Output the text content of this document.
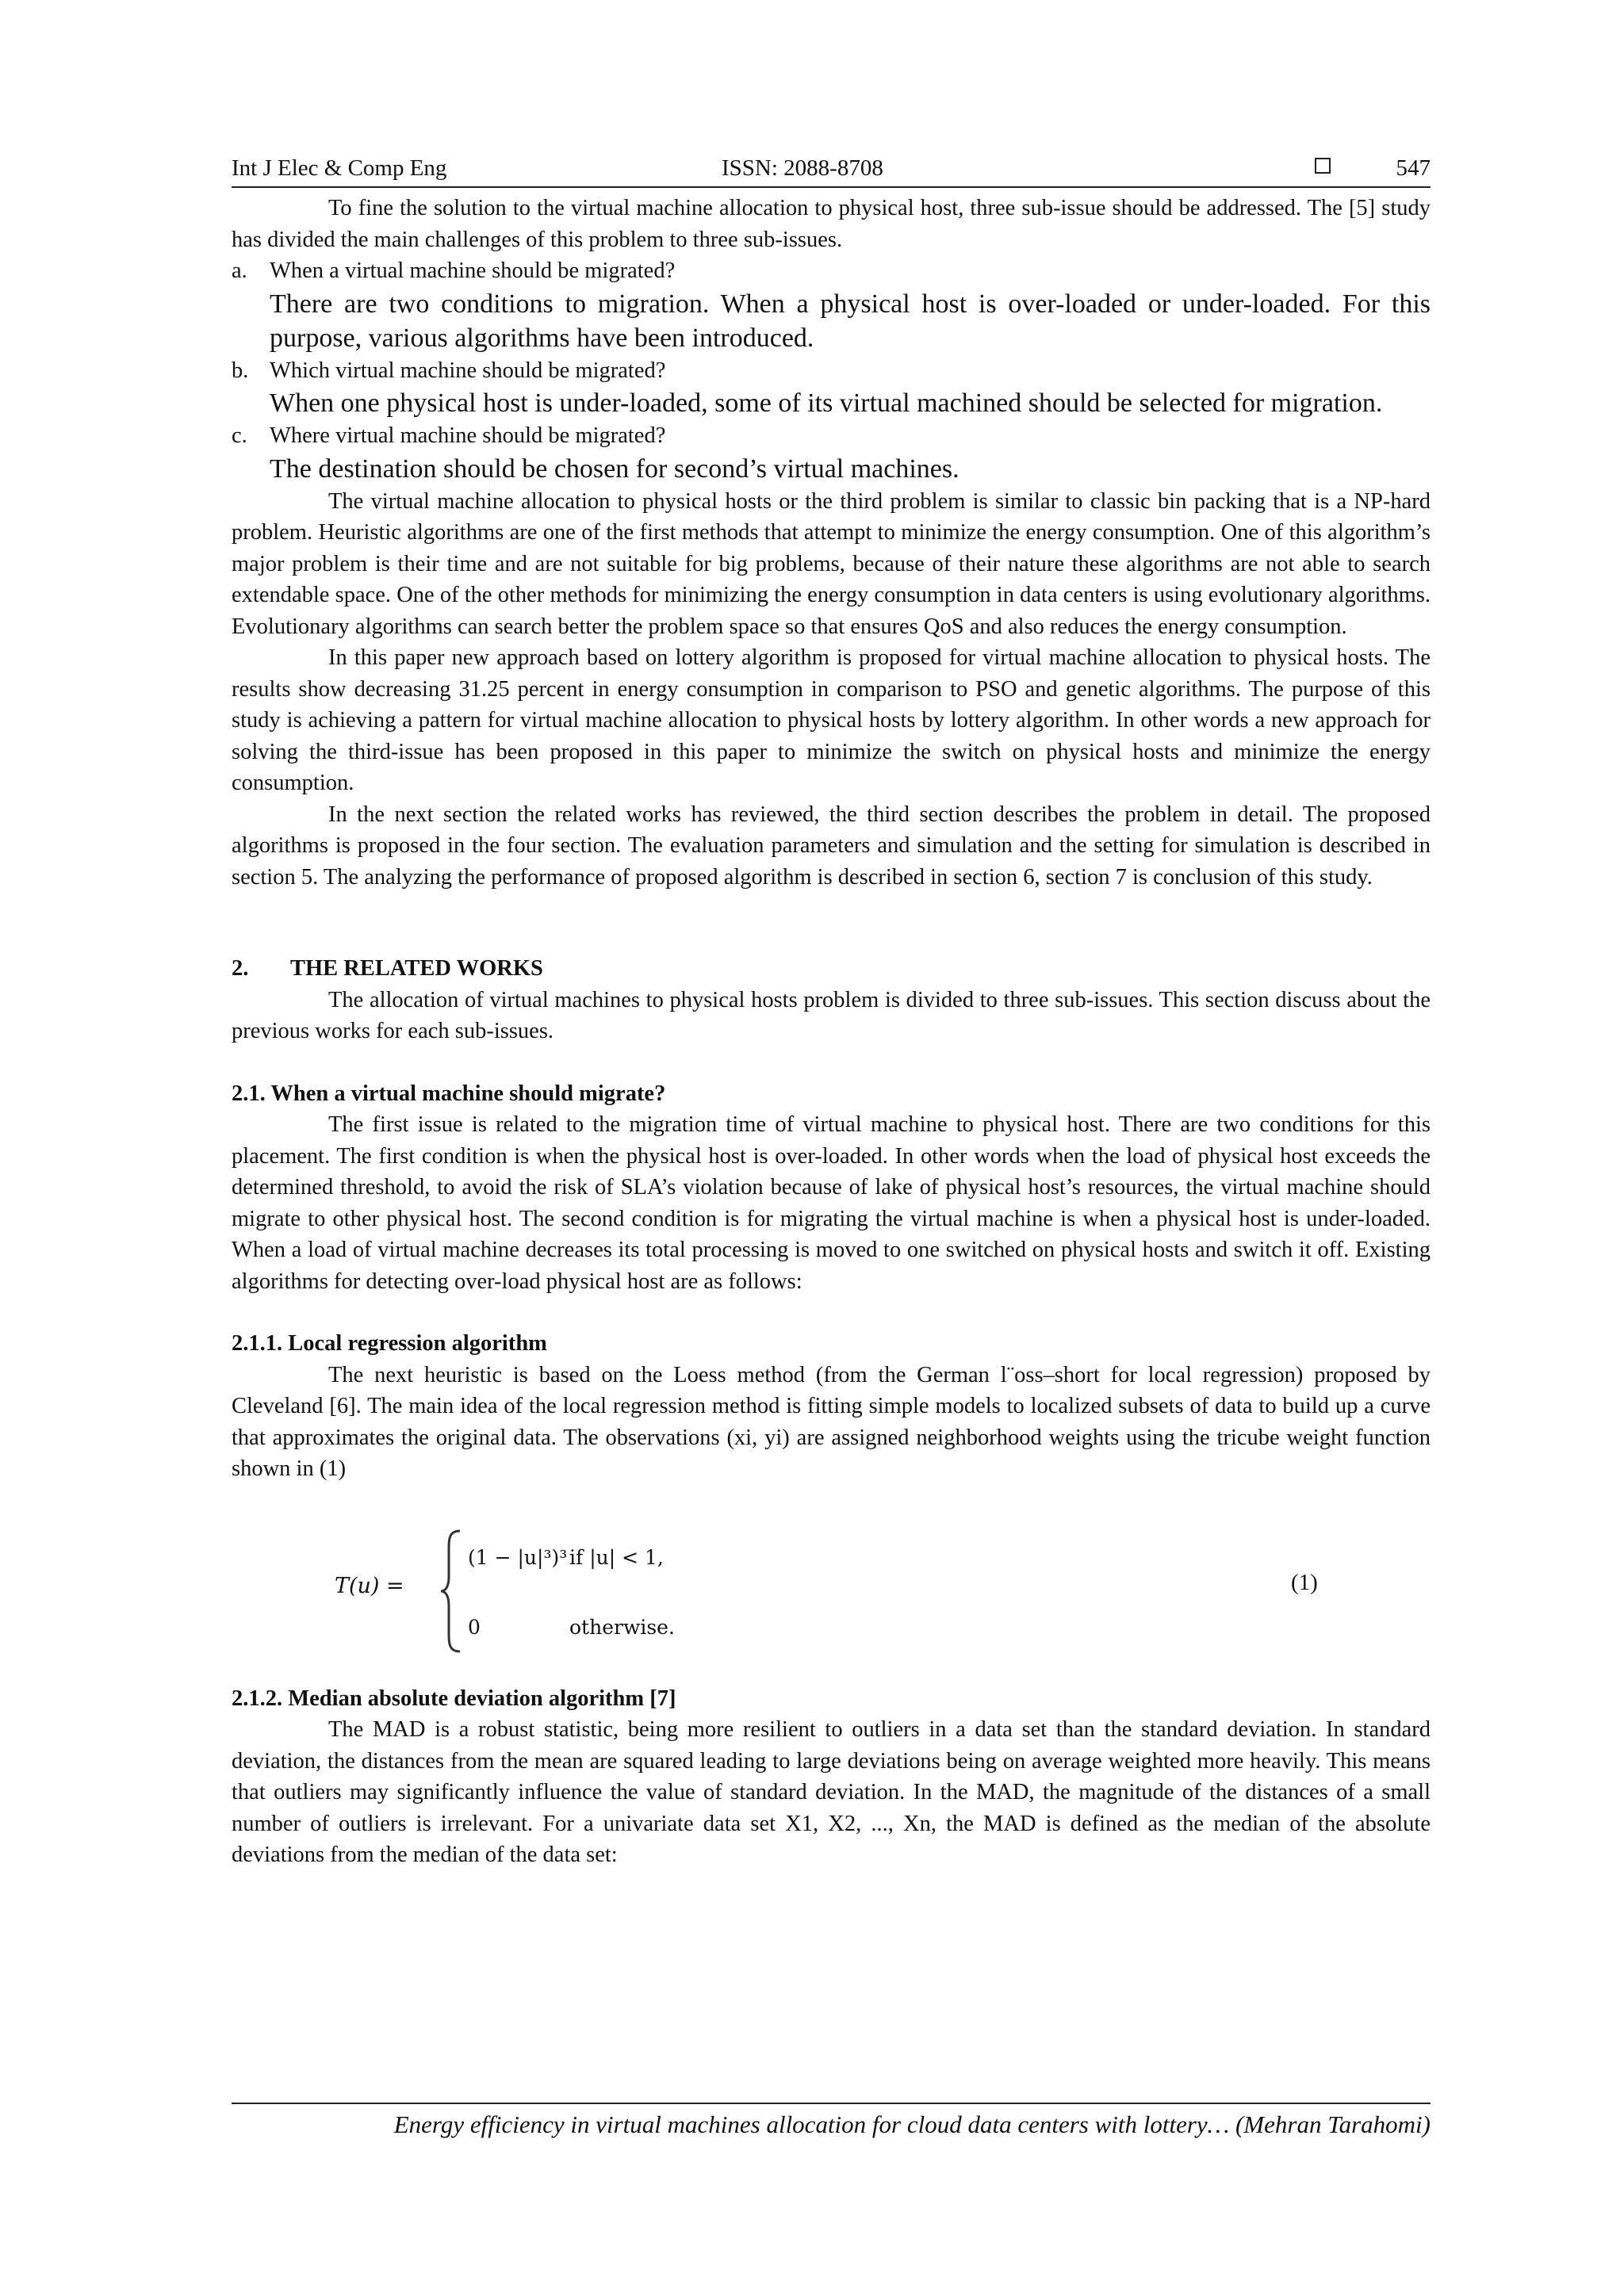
Int J Elec & Comp Eng	ISSN: 2088-8708	547

To fine the solution to the virtual machine allocation to physical host, three sub-issue should be addressed. The [5] study has divided the main challenges of this problem to three sub-issues.

a. When a virtual machine should be migrated?

There are two conditions to migration. When a physical host is over-loaded or under-loaded. For this purpose, various algorithms have been introduced.

b. Which virtual machine should be migrated?

When one physical host is under-loaded, some of its virtual machined should be selected for migration.

c. Where virtual machine should be migrated?

The destination should be chosen for second’s virtual machines.

The virtual machine allocation to physical hosts or the third problem is similar to classic bin packing that is a NP-hard problem. Heuristic algorithms are one of the first methods that attempt to minimize the energy consumption. One of this algorithm’s major problem is their time and are not suitable for big problems, because of their nature these algorithms are not able to search extendable space. One of the other methods for minimizing the energy consumption in data centers is using evolutionary algorithms. Evolutionary algorithms can search better the problem space so that ensures QoS and also reduces the energy consumption.

In this paper new approach based on lottery algorithm is proposed for virtual machine allocation to physical hosts. The results show decreasing 31.25 percent in energy consumption in comparison to PSO and genetic algorithms. The purpose of this study is achieving a pattern for virtual machine allocation to physical hosts by lottery algorithm. In other words a new approach for solving the third-issue has been proposed in this paper to minimize the switch on physical hosts and minimize the energy consumption.

In the next section the related works has reviewed, the third section describes the problem in detail. The proposed algorithms is proposed in the four section. The evaluation parameters and simulation and the setting for simulation is described in section 5. The analyzing the performance of proposed algorithm is described in section 6, section 7 is conclusion of this study.

2. THE RELATED WORKS

The allocation of virtual machines to physical hosts problem is divided to three sub-issues. This section discuss about the previous works for each sub-issues.

2.1. When a virtual machine should migrate?

The first issue is related to the migration time of virtual machine to physical host. There are two conditions for this placement. The first condition is when the physical host is over-loaded. In other words when the load of physical host exceeds the determined threshold, to avoid the risk of SLA’s violation because of lake of physical host’s resources, the virtual machine should migrate to other physical host. The second condition is for migrating the virtual machine is when a physical host is under-loaded. When a load of virtual machine decreases its total processing is moved to one switched on physical hosts and switch it off. Existing algorithms for detecting over-load physical host are as follows:

2.1.1. Local regression algorithm

The next heuristic is based on the Loess method (from the German l¨oss–short for local regression) proposed by Cleveland [6]. The main idea of the local regression method is fitting simple models to localized subsets of data to build up a curve that approximates the original data. The observations (xi, yi) are assigned neighborhood weights using the tricube weight function shown in (1)

T(u) =
(1 − |u|³)³ if |u| < 1,
0	otherwise.
(1)
2.1.2. Median absolute deviation algorithm [7]

The MAD is a robust statistic, being more resilient to outliers in a data set than the standard deviation. In standard deviation, the distances from the mean are squared leading to large deviations being on average weighted more heavily. This means that outliers may significantly influence the value of standard deviation. In the MAD, the magnitude of the distances of a small number of outliers is irrelevant. For a univariate data set X1, X2, ..., Xn, the MAD is defined as the median of the absolute deviations from the median of the data set:

Energy efficiency in virtual machines allocation for cloud data centers with lottery… (Mehran Tarahomi)
